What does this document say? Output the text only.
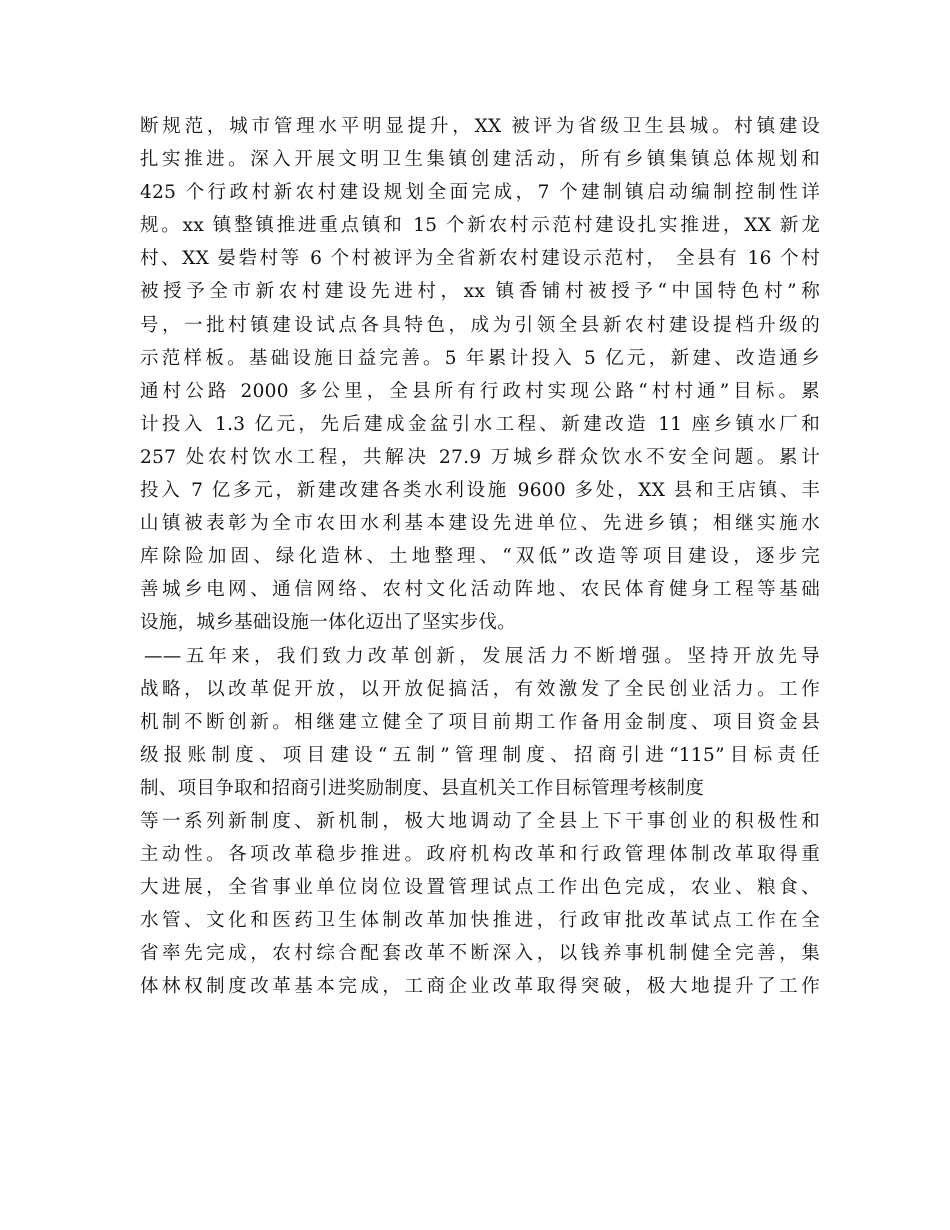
断规范，城市管理水平明显提升，XX 被评为省级卫生县城。村镇建设
扎实推进。深入开展文明卫生集镇创建活动，所有乡镇集镇总体规划和
425 个行政村新农村建设规划全面完成，7 个建制镇启动编制控制性详
规。xx 镇整镇推进重点镇和 15 个新农村示范村建设扎实推进，XX 新龙
村、XX 晏砦村等 6 个村被评为全省新农村建设示范村， 全县有 16 个村
被授予全市新农村建设先进村，xx 镇香铺村被授予“中国特色村”称
号，一批村镇建设试点各具特色，成为引领全县新农村建设提档升级的
示范样板。基础设施日益完善。5 年累计投入 5 亿元，新建、改造通乡
通村公路 2000 多公里，全县所有行政村实现公路“村村通”目标。累
计投入 1.3 亿元，先后建成金盆引水工程、新建改造 11 座乡镇水厂和
257 处农村饮水工程，共解决 27.9 万城乡群众饮水不安全问题。累计
投入 7 亿多元，新建改建各类水利设施 9600 多处，XX 县和王店镇、丰
山镇被表彰为全市农田水利基本建设先进单位、先进乡镇；相继实施水
库除险加固、绿化造林、土地整理、“双低”改造等项目建设，逐步完
善城乡电网、通信网络、农村文化活动阵地、农民体育健身工程等基础
设施，城乡基础设施一体化迈出了坚实步伐。
——五年来，我们致力改革创新，发展活力不断增强。坚持开放先导
战略，以改革促开放，以开放促搞活，有效激发了全民创业活力。工作
机制不断创新。相继建立健全了项目前期工作备用金制度、项目资金县
级报账制度、项目建设“五制”管理制度、招商引进“115”目标责任
制、项目争取和招商引进奖励制度、县直机关工作目标管理考核制度
等一系列新制度、新机制，极大地调动了全县上下干事创业的积极性和
主动性。各项改革稳步推进。政府机构改革和行政管理体制改革取得重
大进展，全省事业单位岗位设置管理试点工作出色完成，农业、粮食、
水管、文化和医药卫生体制改革加快推进，行政审批改革试点工作在全
省率先完成，农村综合配套改革不断深入，以钱养事机制健全完善，集
体林权制度改革基本完成，工商企业改革取得突破，极大地提升了工作
